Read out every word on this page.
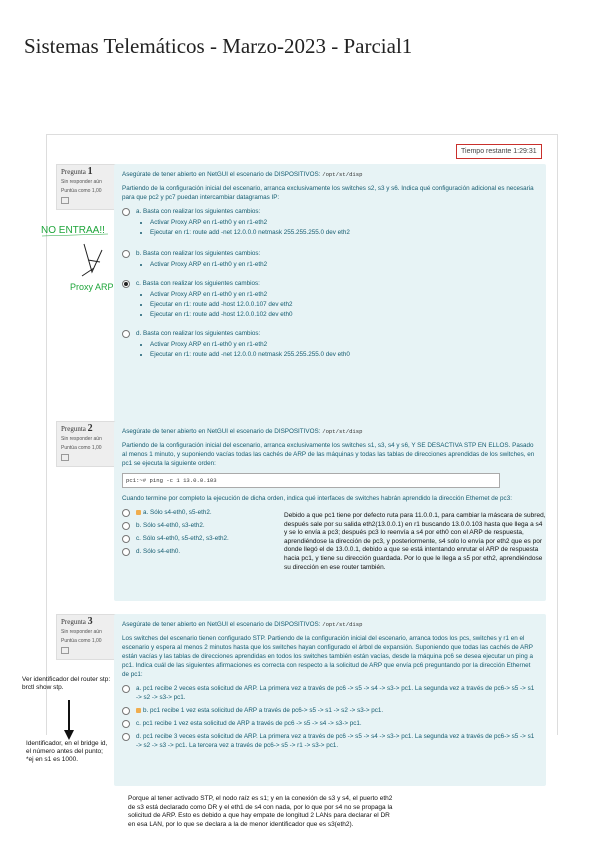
Sistemas Telemáticos - Marzo-2023 - Parcial1
Tiempo restante 1:29:31
Pregunta 1
Sin responder aún
Puntúa como 1,00

Asegúrate de tener abierto en NetGUI el escenario de DISPOSITIVOS: /opt/st/disp

Partiendo de la configuración inicial del escenario, arranca exclusivamente los switches s2, s3 y s6. Indica qué configuración adicional es necesaria para que pc2 y pc7 puedan intercambiar datagramas IP:

a. Basta con realizar los siguientes cambios:
• Activar Proxy ARP en r1-eth0 y en r1-eth2
• Ejecutar en r1: route add -net 12.0.0.0 netmask 255.255.255.0 dev eth2
b. Basta con realizar los siguientes cambios:
• Activar Proxy ARP en r1-eth0 y en r1-eth2
c. Basta con realizar los siguientes cambios:
• Activar Proxy ARP en r1-eth0 y en r1-eth2
• Ejecutar en r1: route add -host 12.0.0.107 dev eth2
• Ejecutar en r1: route add -host 12.0.0.102 dev eth0
d. Basta con realizar los siguientes cambios:
• Activar Proxy ARP en r1-eth0 y en r1-eth2
• Ejecutar en r1: route add -net 12.0.0.0 netmask 255.255.255.0 dev eth0
NO ENTRAA!!
Proxy ARP
Pregunta 2
Sin responder aún
Puntúa como 1,00

Asegúrate de tener abierto en NetGUI el escenario de DISPOSITIVOS: /opt/st/disp

Partiendo de la configuración inicial del escenario, arranca exclusivamente los switches s1, s3, s4 y s6, Y SE DESACTIVA STP EN ELLOS. Pasado al menos 1 minuto, y suponiendo vacías todas las cachés de ARP de las máquinas y todas las tablas de direcciones aprendidas de los switches, en pc1 se ejecuta la siguiente orden:

pc1:~# ping -c 1 13.0.0.103

Cuando termine por completo la ejecución de dicha orden, indica qué interfaces de switches habrán aprendido la dirección Ethernet de pc3:

a. Sólo s4-eth0, s5-eth2.
b. Sólo s4-eth0, s3-eth2.
c. Sólo s4-eth0, s5-eth2, s3-eth2.
d. Sólo s4-eth0.
Debido a que pc1 tiene por defecto ruta para 11.0.0.1, para cambiar la máscara de subred, después sale por su salida eth2(13.0.0.1) en r1 buscando 13.0.0.103 hasta que llega a s4 y se lo envía a pc3; después pc3 lo reenvía a s4 por eth0 con el ARP de respuesta, aprendiéndose la dirección de pc3, y posteriormente, s4 solo lo envía por eth2 que es por donde llegó el de 13.0.0.1, debido a que se está intentando enrutar el ARP de respuesta hacia pc1, y tiene su dirección guardada. Por lo que le llega a s5 por eth2, aprendiéndose su dirección en ese router también.
Pregunta 3
Sin responder aún
Puntúa como 1,00

Asegúrate de tener abierto en NetGUI el escenario de DISPOSITIVOS: /opt/st/disp

Los switches del escenario tienen configurado STP. Partiendo de la configuración inicial del escenario, arranca todos los pcs, switches y r1 en el escenario y espera al menos 2 minutos hasta que los switches hayan configurado el árbol de expansión. Suponiendo que todas las cachés de ARP están vacías y las tablas de direcciones aprendidas en todos los switches también están vacías, desde la máquina pc6 se desea ejecutar un ping a pc1. Indica cuál de las siguientes afirmaciones es correcta con respecto a la solicitud de ARP que envía pc6 preguntando por la dirección Ethernet de pc1:

a. pc1 recibe 2 veces esta solicitud de ARP. La primera vez a través de pc6 -> s5 -> s4 -> s3-> pc1. La segunda vez a través de pc6-> s5 -> s1 -> s2 -> s3-> pc1.
b. pc1 recibe 1 vez esta solicitud de ARP a través de pc6-> s5 -> s1 -> s2 -> s3-> pc1.
c. pc1 recibe 1 vez esta solicitud de ARP a través de pc6 -> s5 -> s4 -> s3-> pc1.
d. pc1 recibe 3 veces esta solicitud de ARP. La primera vez a través de pc6 -> s5 -> s4 -> s3-> pc1. La segunda vez a través de pc6-> s5 -> s1 -> s2 -> s3 -> pc1. La tercera vez a través de pc6-> s5 -> r1 -> s3-> pc1.
Ver identificador del router stp: brctl show stp.
Identificador, en el bridge id, el número antes del punto; *ej en s1 es 1000.
Porque al tener activado STP, el nodo raíz es s1; y en la conexión de s3 y s4, el puerto eth2 de s3 está declarado como DR y el eth1 de s4 con nada, por lo que por s4 no se propaga la solicitud de ARP. Esto es debido a que hay empate de longitud 2 LANs para declarar el DR en esa LAN, por lo que se declara a la de menor identificador que es s3(eth2).
